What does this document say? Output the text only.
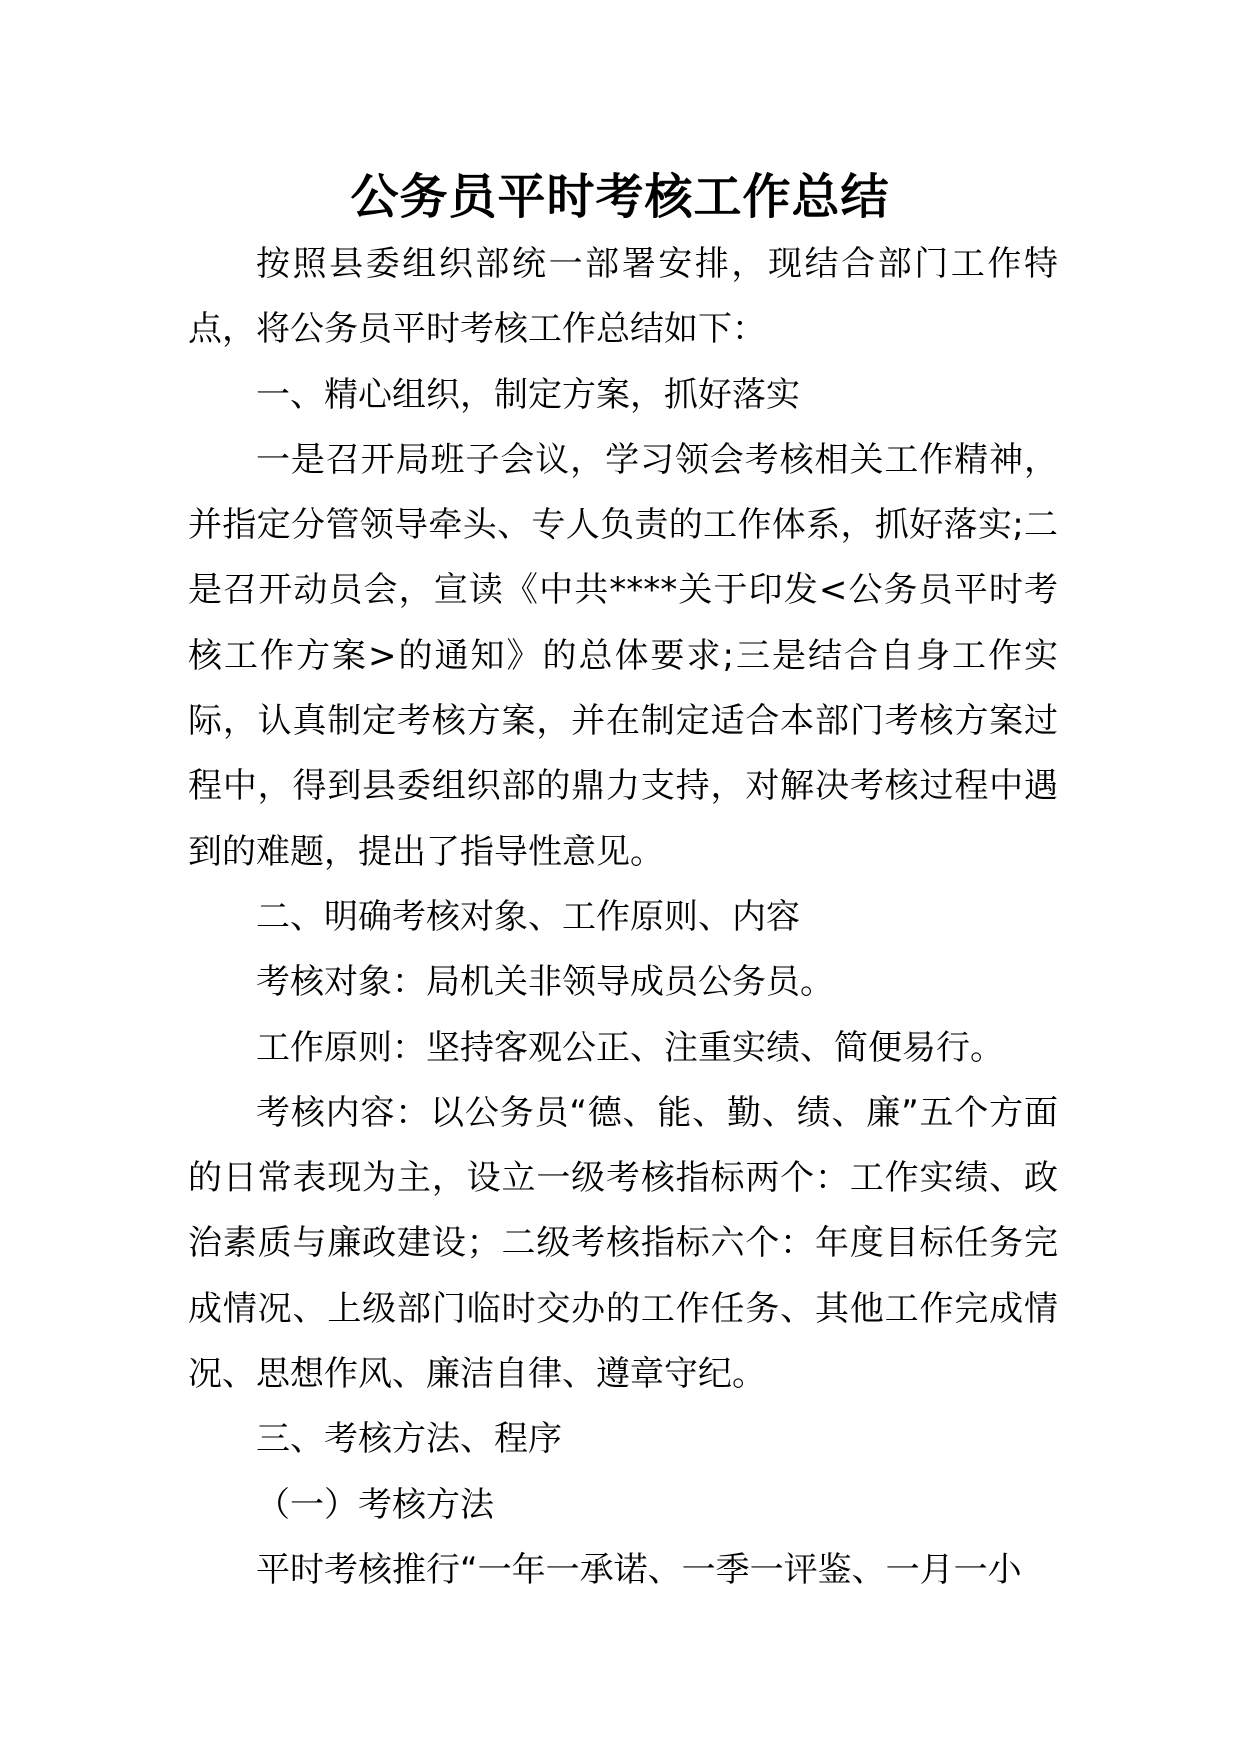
公务员平时考核工作总结

按照县委组织部统一部署安排，现结合部门工作特点，将公务员平时考核工作总结如下：

一、精心组织，制定方案，抓好落实

一是召开局班子会议，学习领会考核相关工作精神，并指定分管领导牵头、专人负责的工作体系，抓好落实;二是召开动员会，宣读《中共****关于印发<公务员平时考核工作方案>的通知》的总体要求;三是结合自身工作实际，认真制定考核方案，并在制定适合本部门考核方案过程中，得到县委组织部的鼎力支持，对解决考核过程中遇到的难题，提出了指导性意见。

二、明确考核对象、工作原则、内容

考核对象：局机关非领导成员公务员。

工作原则：坚持客观公正、注重实绩、简便易行。

考核内容：以公务员“德、能、勤、绩、廉”五个方面的日常表现为主，设立一级考核指标两个：工作实绩、政治素质与廉政建设；二级考核指标六个：年度目标任务完成情况、上级部门临时交办的工作任务、其他工作完成情况、思想作风、廉洁自律、遵章守纪。

三、考核方法、程序

（一）考核方法

平时考核推行“一年一承诺、一季一评鉴、一月一小
